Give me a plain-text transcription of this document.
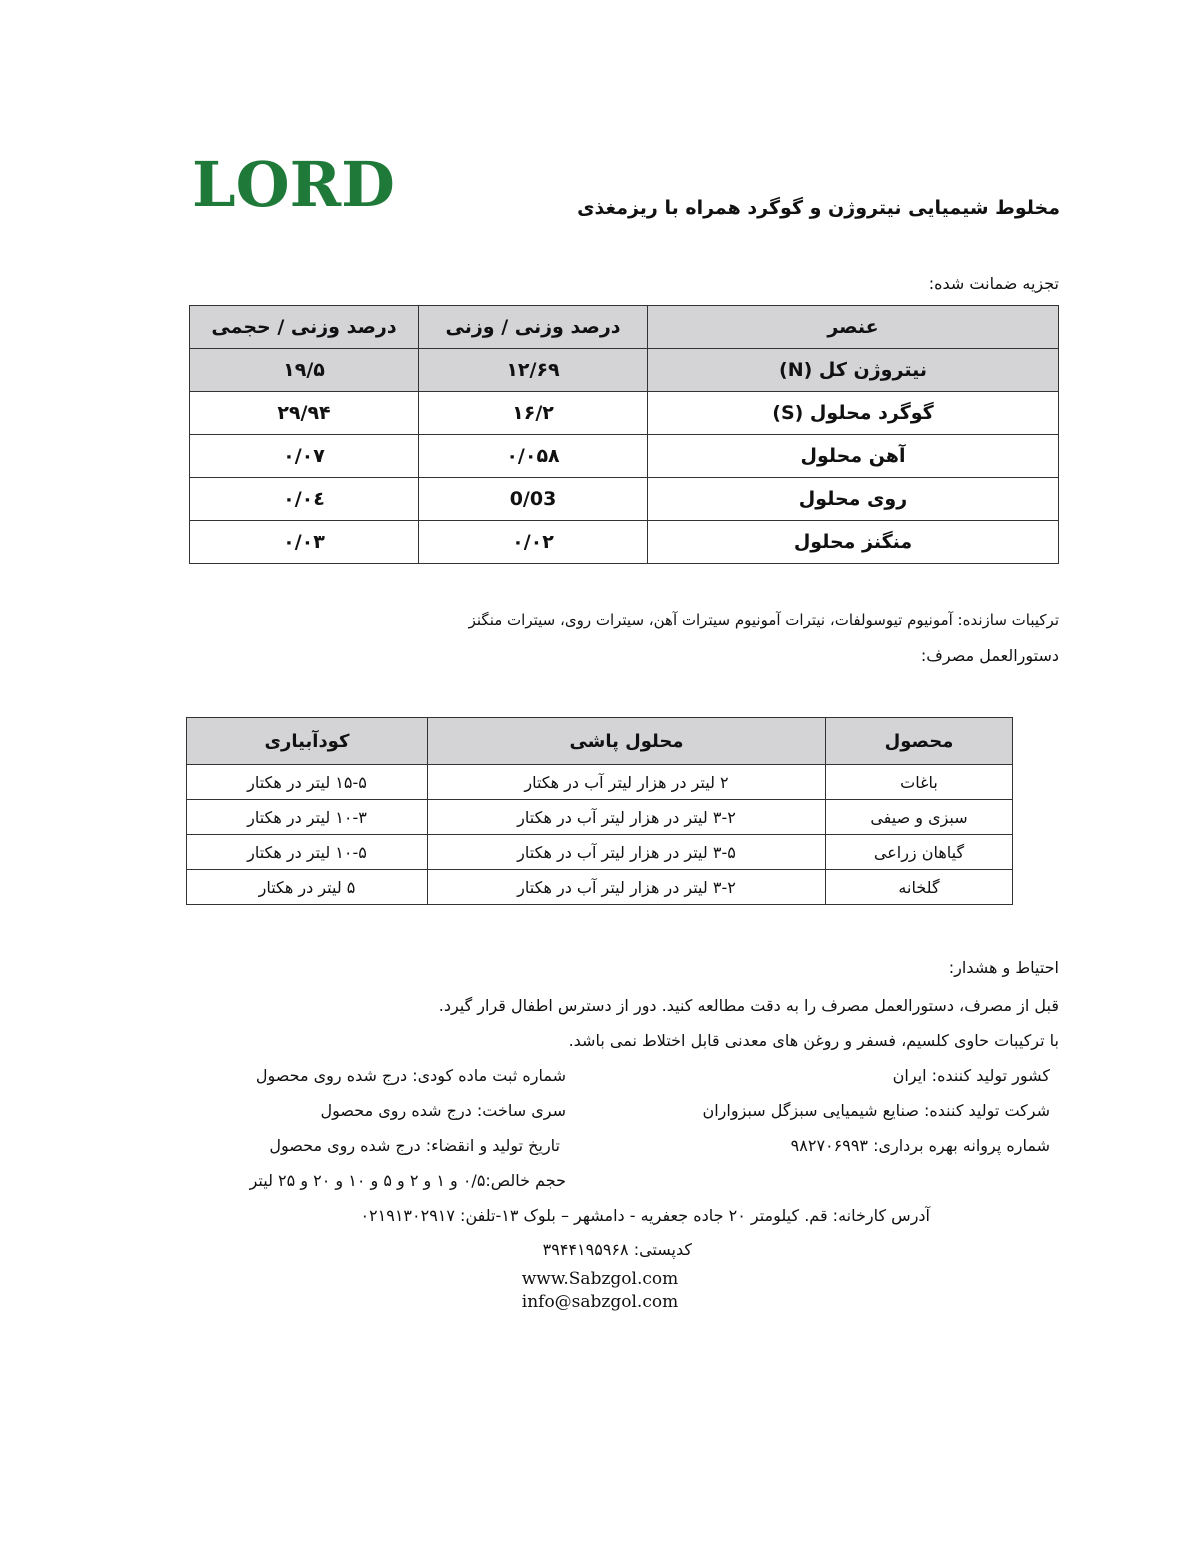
LORD	مخلوط شیمیایی نیتروژن و گوگرد همراه با ریزمغذی
تجزیه ضمانت شده:
عنصر	درصد وزنی / وزنی	درصد وزنی / حجمی
نیتروژن کل (N)	۱۲/۶۹	۱۹/۵
گوگرد محلول (S)	۱۶/۲	۲۹/۹۴
آهن محلول	۰/۰۵۸	۰/۰۷
روی محلول	0/03	۰/۰٤
منگنز محلول	۰/۰۲	۰/۰۳
ترکیبات سازنده: آمونیوم تیوسولفات، نیترات آمونیوم سیترات آهن، سیترات روی، سیترات منگنز
دستورالعمل مصرف:
محصول	محلول پاشی	کودآبیاری
باغات	۲ لیتر در هزار لیتر آب در هکتار	۱۵-۵ لیتر در هکتار
سبزی و صیفی	۳-۲ لیتر در هزار لیتر آب در هکتار	۱۰-۳ لیتر در هکتار
گیاهان زراعی	۳-۵ لیتر در هزار لیتر آب در هکتار	۱۰-۵ لیتر در هکتار
گلخانه	۳-۲ لیتر در هزار لیتر آب در هکتار	۵ لیتر در هکتار
احتیاط و هشدار:
قبل از مصرف، دستورالعمل مصرف را به دقت مطالعه کنید. دور از دسترس اطفال قرار گیرد.
با ترکیبات حاوی کلسیم، فسفر و روغن های معدنی قابل اختلاط نمی باشد.
کشور تولید کننده: ایران
شرکت تولید کننده: صنایع شیمیایی سبزگل سبزواران
شماره پروانه بهره برداری: ۹۸۲۷۰۶۹۹۳
شماره ثبت ماده کودی: درج شده روی محصول
سری ساخت: درج شده روی محصول
تاریخ تولید و انقضاء: درج شده روی محصول
حجم خالص:۰/۵ و ۱ و ۲ و ۵ و ۱۰ و ۲۰ و ۲۵ لیتر
آدرس کارخانه: قم. کیلومتر ۲۰ جاده جعفریه - دامشهر – بلوک ۱۳-تلفن: ۰۲۱۹۱۳۰۲۹۱۷
کدپستی: ۳۹۴۴۱۹۵۹۶۸
www.Sabzgol.com
info@sabzgol.com
